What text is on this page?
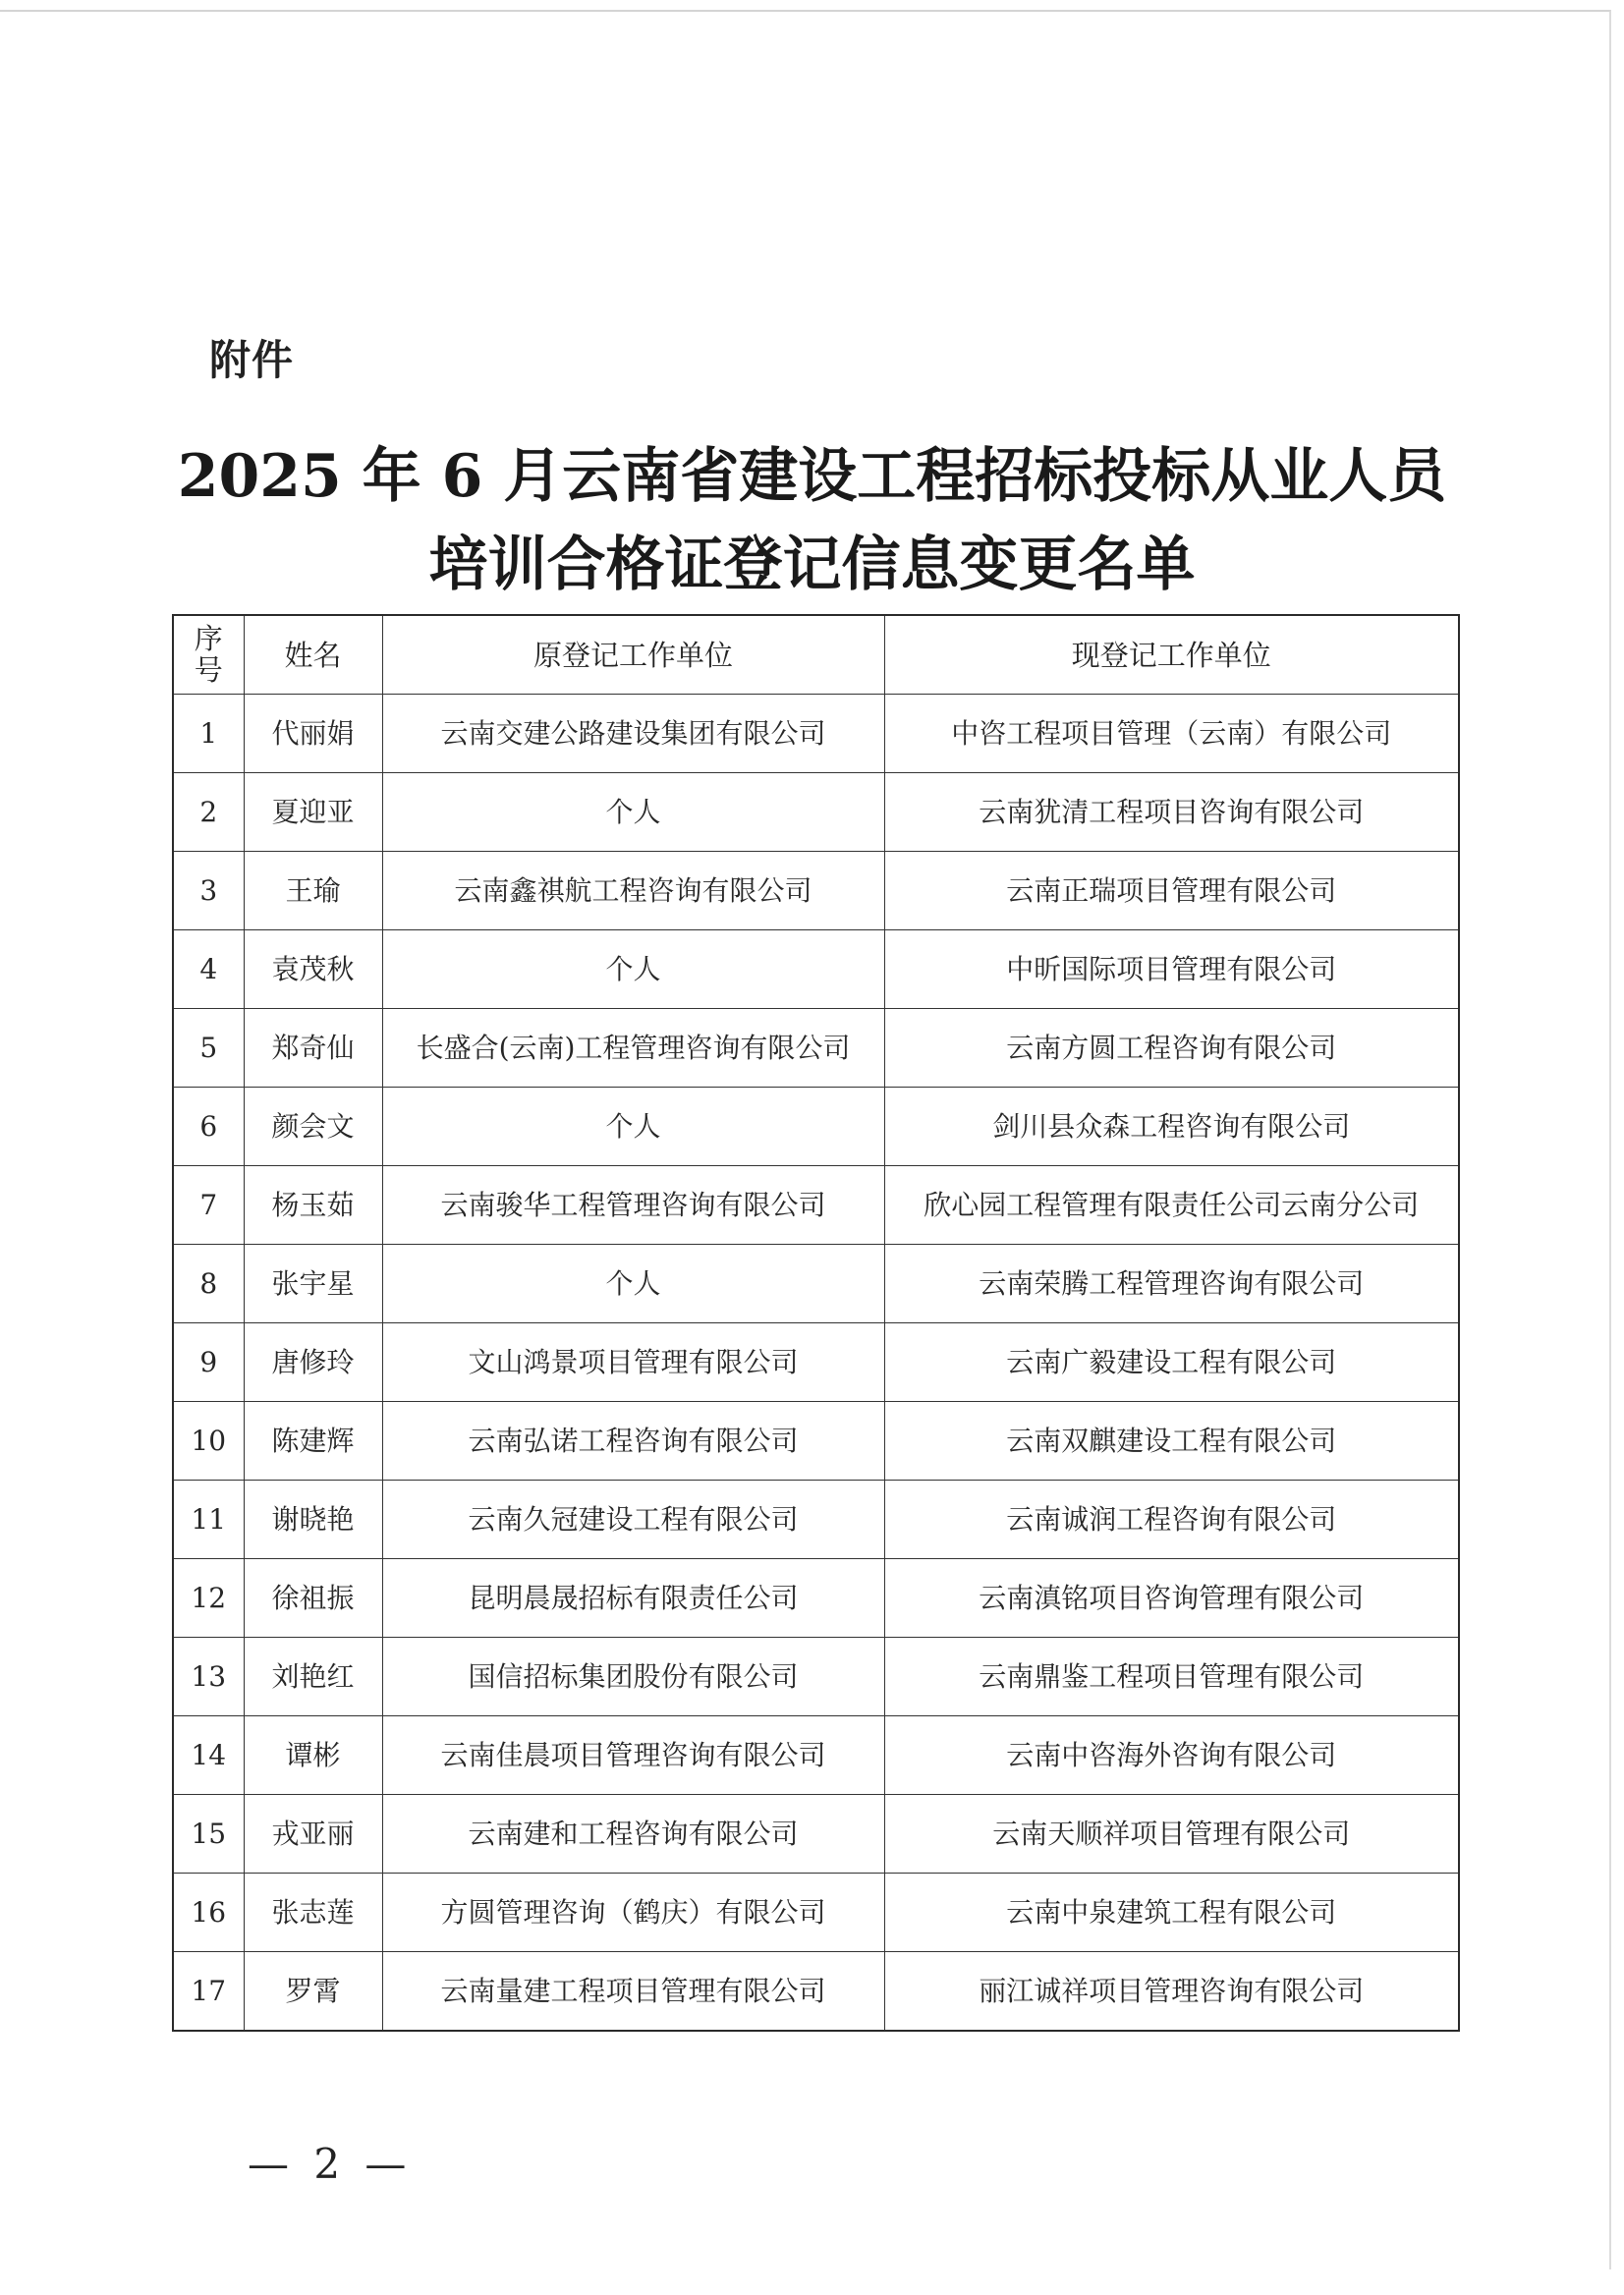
附件
2025 年 6 月云南省建设工程招标投标从业人员
培训合格证登记信息变更名单
序号	姓名	原登记工作单位	现登记工作单位
1	代丽娟	云南交建公路建设集团有限公司	中咨工程项目管理（云南）有限公司
2	夏迎亚	个人	云南犹清工程项目咨询有限公司
3	王瑜	云南鑫祺航工程咨询有限公司	云南正瑞项目管理有限公司
4	袁茂秋	个人	中昕国际项目管理有限公司
5	郑奇仙	长盛合(云南)工程管理咨询有限公司	云南方圆工程咨询有限公司
6	颜会文	个人	剑川县众森工程咨询有限公司
7	杨玉茹	云南骏华工程管理咨询有限公司	欣心园工程管理有限责任公司云南分公司
8	张宇星	个人	云南荣腾工程管理咨询有限公司
9	唐修玲	文山鸿景项目管理有限公司	云南广毅建设工程有限公司
10	陈建辉	云南弘诺工程咨询有限公司	云南双麒建设工程有限公司
11	谢晓艳	云南久冠建设工程有限公司	云南诚润工程咨询有限公司
12	徐祖振	昆明晨晟招标有限责任公司	云南滇铭项目咨询管理有限公司
13	刘艳红	国信招标集团股份有限公司	云南鼎鉴工程项目管理有限公司
14	谭彬	云南佳晨项目管理咨询有限公司	云南中咨海外咨询有限公司
15	戎亚丽	云南建和工程咨询有限公司	云南天顺祥项目管理有限公司
16	张志莲	方圆管理咨询（鹤庆）有限公司	云南中泉建筑工程有限公司
17	罗霄	云南量建工程项目管理有限公司	丽江诚祥项目管理咨询有限公司
— 2 —
